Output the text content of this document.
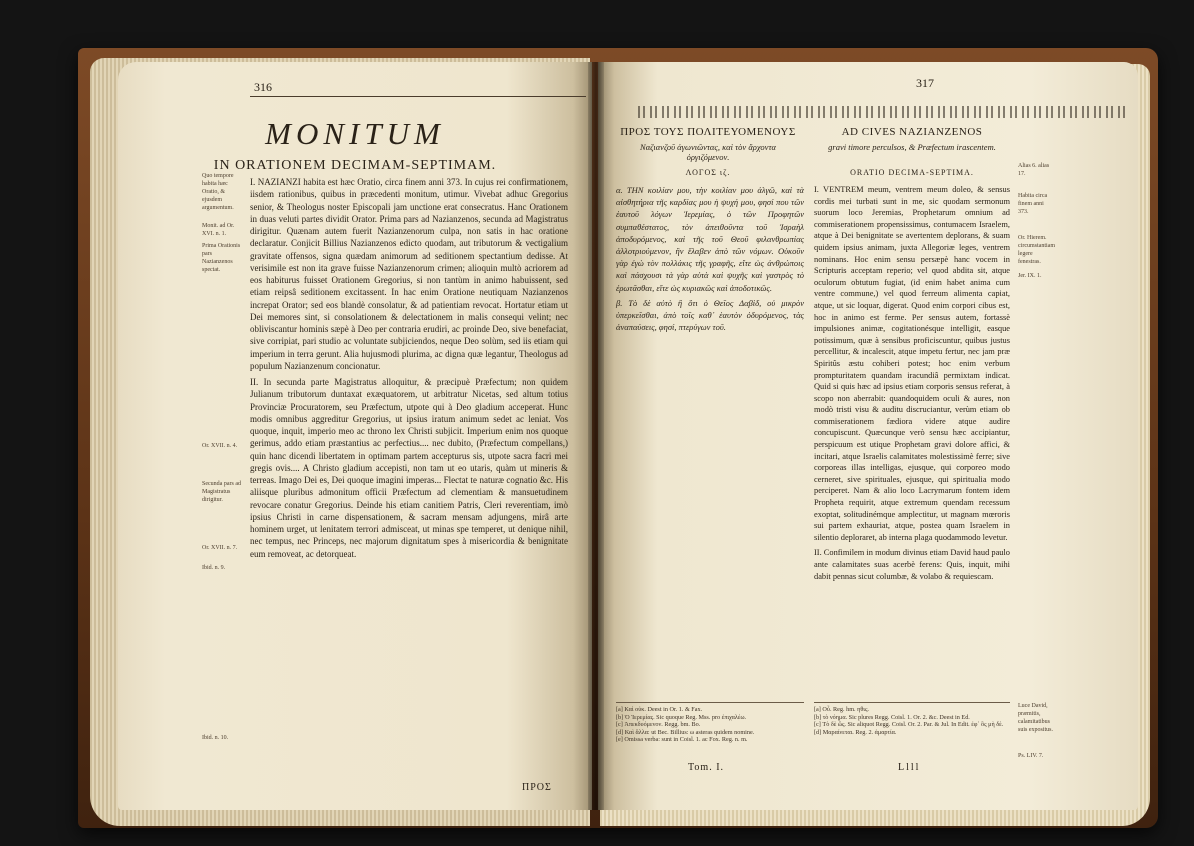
316
MONITUM
IN ORATIONEM DECIMAM-SEPTIMAM.
Quo tempore habita hæc Oratio, & ejusdem argumentum.
Monit. ad Or. XVI. n. 1.
Prima Orationis pars Nazianzenos spectat.
Or. XVII. n. 4.
Secunda pars ad Magistratus dirigitur.
Or. XVII. n. 7.
Ibid. n. 9.
Ibid. n. 10.

I. NAZIANZI habita est hæc Oratio, circa finem anni 373. In cujus rei confirmationem, iisdem rationibus, quibus in præcedenti monitum, utimur. Vivebat adhuc Gregorius senior, & Theologus noster Episcopali jam unctione erat consecratus. Hanc Orationem in duas veluti partes dividit Orator. Prima pars ad Nazianzenos, secunda ad Magistratus dirigitur. Quænam autem fuerit Nazianzenorum culpa, non satis in hac oratione declaratur. Conjicit Billius Nazianzenos edicto quodam, aut tributorum & vectigalium gravitate offensos, signa quædam animorum ad seditionem spectantium dedisse. At verisimile est non ita grave fuisse Nazianzenorum crimen; alioquin multò acriorem ad eos habiturus fuisset Orationem Gregorius, si non tantùm in animo habuissent, sed etiam reipsâ seditionem excitassent. In hac enim Oratione neutiquam Nazianzenos increpat Orator; sed eos blandè consolatur, & ad patientiam revocat. Hortatur etiam ut Dei memores sint, si consolationem & delectationem in malis consequi velint; nec obliviscantur hominis sæpè à Deo per contraria erudiri, ac proinde Deo, sive benefaciat, sive corripiat, pari studio ac voluntate subjiciendos, neque Deo solùm, sed iis etiam qui imperium in terra gerunt. Alia hujusmodi plurima, ac digna quæ legantur, Theologus ad populum Nazianzenum concionatur.

II. In secunda parte Magistratus alloquitur, & præcipuè Præfectum; non quidem Julianum tributorum duntaxat exæquatorem, ut arbitratur Nicetas, sed altum totius Provinciæ Procuratorem, seu Præfectum, utpote qui à Deo gladium acceperat. Hunc modis omnibus aggreditur Gregorius, ut ipsius iratum animum sedet ac leniat. Vos quoque, inquit, imperio meo ac throno lex Christi subjicit. Imperium enim nos quoque gerimus, addo etiam præstantius ac perfectius.... nec dubito, (Præfectum compellans,) quin hanc dicendi libertatem in optimam partem accepturus sis, utpote sacra facri mei gregis ovis.... A Christo gladium accepisti, non tam ut eo utaris, quàm ut mineris & terreas. Imago Dei es, Dei quoque imagini imperas... Flectat te naturæ cognatio &c. His aliisque pluribus admonitum officii Præfectum ad clementiam & mansuetudinem revocare conatur Gregorius. Deinde his etiam canitiem Patris, Cleri reverentiam, imò ipsius Christi in carne dispensationem, & sacram mensam adjungens, mirâ arte hominem urget, ut lenitatem terrori admisceat, ut minas spe temperet, ut denique nihil, nec tempus, nec Princeps, nec majorum dignitatum spes à misericordia & benignitate eum removeat, ac detorqueat.

ΠΡΟΣ
317
ΠΡΟΣ ΤΟΥΣ ΠΟΛΙΤΕΥΟΜΕΝΟΥΣ
Ναζιανζοῦ ἀγωνιῶντας, καὶ τὸν ἄρχοντα ὀργιζόμενον.
AD CIVES NAZIANZENOS
gravi timore perculsos, & Præfectum irascentem.
ΛΟΓΟΣ ιζ.	ORATIO DECIMA-SEPTIMA.

α. ΤΗΝ κοιλίαν μου, τὴν κοιλίαν μου ἀλγῶ, καὶ τὰ αἰσθητήρια τῆς καρδίας μου ἡ ψυχή μου, φησί που τῶν ἑαυτοῦ λόγων Ἱερεμίας, ὁ τῶν Προφητῶν συμπαθέστατος, τὸν ἀπειθοῦντα τοῦ Ἰσραὴλ ἀποδυρόμενος, καὶ τῆς τοῦ Θεοῦ φιλανθρωπίας ἀλλοτριούμενον, ἣν ἔλαβεν ἀπὸ τῶν νόμων. Οὐκοῦν γὰρ ἐγὼ τὸν πολλάκις τῆς γραφῆς, εἴτε ὡς ἀνθρώποις καὶ πάσχουσι τὰ γὰρ αὐτὰ καὶ ψυχῆς καὶ γαστρὸς τὸ ἐρωτᾶσθαι, εἴτε ὡς κυριακῶς καὶ ἀποδοτικῶς.

β. Τὸ δὲ αὐτὸ ἢ ὅτι ὁ Θεῖος Δαβὶδ, οὐ μικρὸν ὑπερκεῖσθαι, ἀπὸ τοῖς καθ᾽ ἑαυτὸν ὀδυρόμενος, τὰς ἀναπαύσεις, φησί, πτερύγων τοῦ.

I. VENTREM meum, ventrem meum doleo, & sensus cordis mei turbati sunt in me, sic quodam sermonum suorum loco Jeremias, Prophetarum omnium ad commiserationem propensissimus, contumacem Israelem, atque à Dei benignitate se avertentem deplorans, & suam quidem ipsius animam, juxta Allegoriæ leges, ventrem nominans. Hoc enim sensu persæpè hanc vocem in Scripturis acceptam reperio; vel quod abdita sit, atque oculorum obtutum fugiat, (id enim habet anima cum ventre commune,) vel quod ferreum alimenta capiat, atque, ut sic loquar, digerat. Quod enim corpori cibus est, hoc in animo est ferme. Per sensus autem, fortassè impulsiones animæ, cogitationésque intelligit, easque potissimum, quæ à sensibus proficiscuntur, quibus justus percellitur, & incalescit, atque impetu fertur, nec jam præ Spiritûs æstu cohiberi potest; hoc enim verbum prompturitatem quandam iracundiâ permixtam indicat. Quid si quis hæc ad ipsius etiam corporis sensus referat, à scopo non aberrabit: quandoquidem oculi & aures, non modò tristi visu & auditu discruciantur, verùm etiam ob commiserationem fædiora videre atque audire concupiscunt. Quæcunque verò sensu hæc accipiantur, perspicuum est utique Prophetam gravi dolore affici, & incitari, atque Israelis calamitates molestissimè ferre; sive corporeas illas intelligas, ejusque, qui corporeo modo cerneret, sive spirituales, ejusque, qui spiritualia modo perciperet. Nam & alio loco Lacrymarum fontem idem Propheta requirit, atque extremum quendam recessum exoptat, solitudinémque amplectitur, ut magnam mœroris sui partem exhauriat, atque, postea quam Israelem in silentio deploraret, ab interna plaga quodammodo levetur.

II. Confimilem in modum divinus etiam David haud paulo ante calamitates suas acerbè ferens: Quis, inquit, mihi dabit pennas sicut columbæ, & volabo & requiescam.

Alias 6. alias 17.
Habita circa finem anni 373.
Or. Hierem. circumstantiam legere fenestras.
Jer. IX. 1.
Luce David, præmitis, calamitatibus suis expositus.
Ps. LIV. 7.

[a] Καὶ οὐκ. Deest in Or. 1. & Fax.

[b] Ὁ Ἱερεμίας. Sic quoque Reg. Mss. pro ἐπιχαλέω.

[c] Ἀπεκδυόμενον. Regg. bm. Bo.

[d] Καὶ ἄλλα: ut Bec. Billius: ω asteras quidem nomine.

[e] Omissa verba: sunt in Coisl. 1. ac Fox. Reg. n. m.

[a] Οὗ. Reg. hm. ηθις.

[b] τὸ νόημα. Sic plures Regg. Coisl. 1. Or. 2. &c. Deest in Ed.

[c] Τὸ δὲ ὥς. Sic aliquot Regg. Coisl. Or. 2. Par. & Jul. In Edit. ἐφ᾽ ὃς μὴ δὲ.

[d] Μαραίνεται. Reg. 2. ἀμαρτία.

Tom. I.	Llll
